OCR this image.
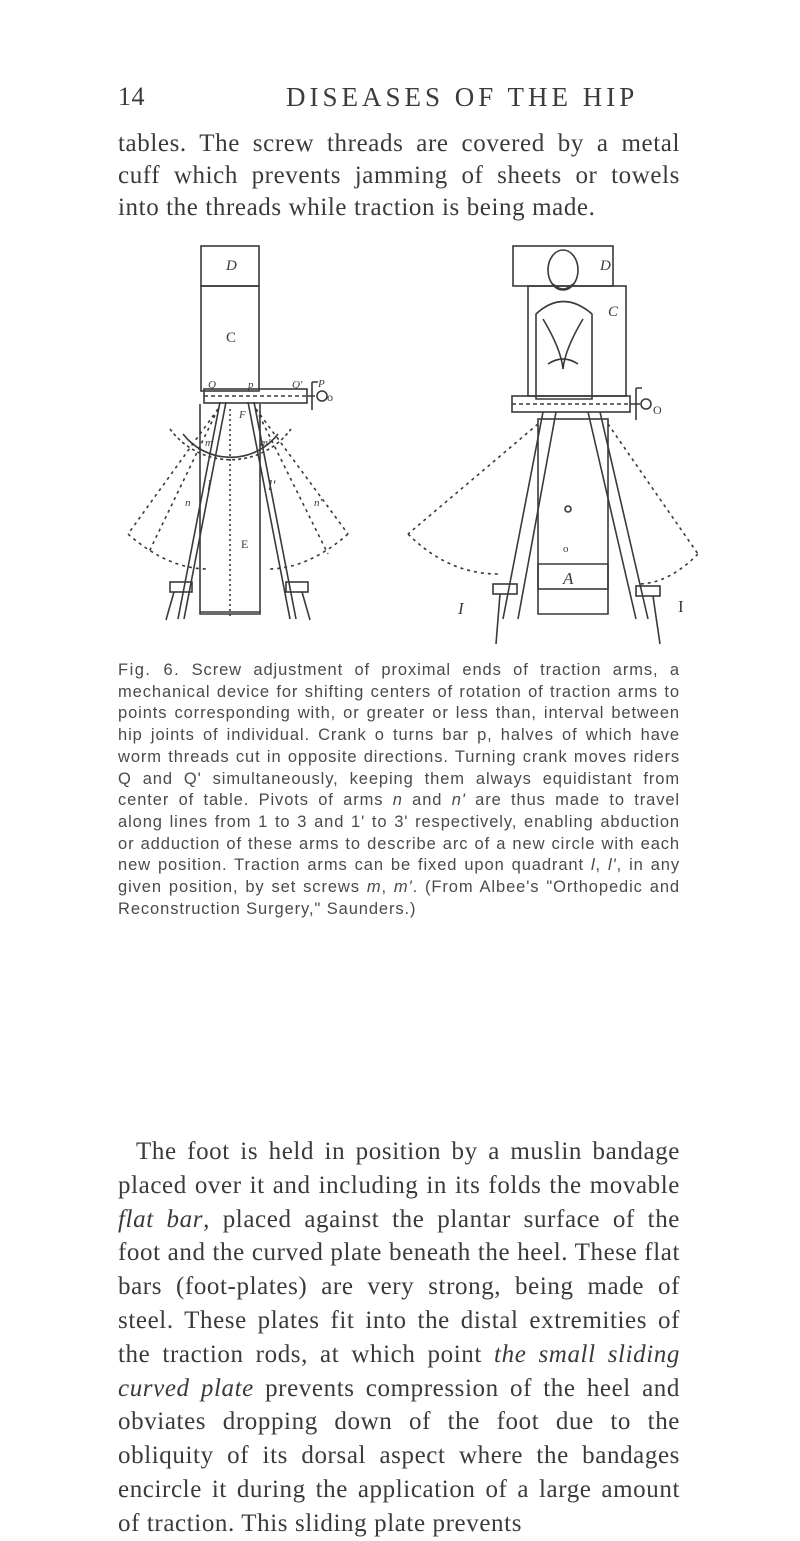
14	DISEASES OF THE HIP

tables. The screw threads are covered by a metal cuff which prevents jamming of sheets or towels into the threads while traction is being made.

D
C
Q	Q'
p	P
o
F
m	m'
l	l'
n	n'
E
D
C
O
o
A
I	I

Fig. 6. Screw adjustment of proximal ends of traction arms, a mechanical device for shifting centers of rotation of traction arms to points corresponding with, or greater or less than, interval between hip joints of individual. Crank o turns bar p, halves of which have worm threads cut in opposite directions. Turning crank moves riders Q and Q' simultaneously, keeping them always equidistant from center of table. Pivots of arms n and n' are thus made to travel along lines from 1 to 3 and 1' to 3' respectively, enabling abduction or adduction of these arms to describe arc of a new circle with each new position. Traction arms can be fixed upon quadrant l, l', in any given position, by set screws m, m'. (From Albee's "Orthopedic and Reconstruction Surgery," Saunders.)

The foot is held in position by a muslin bandage placed over it and including in its folds the movable flat bar, placed against the plantar surface of the foot and the curved plate beneath the heel. These flat bars (foot-plates) are very strong, being made of steel. These plates fit into the distal extremities of the traction rods, at which point the small sliding curved plate prevents compression of the heel and obviates dropping down of the foot due to the obliquity of its dorsal aspect where the bandages encircle it during the application of a large amount of traction. This sliding plate prevents
